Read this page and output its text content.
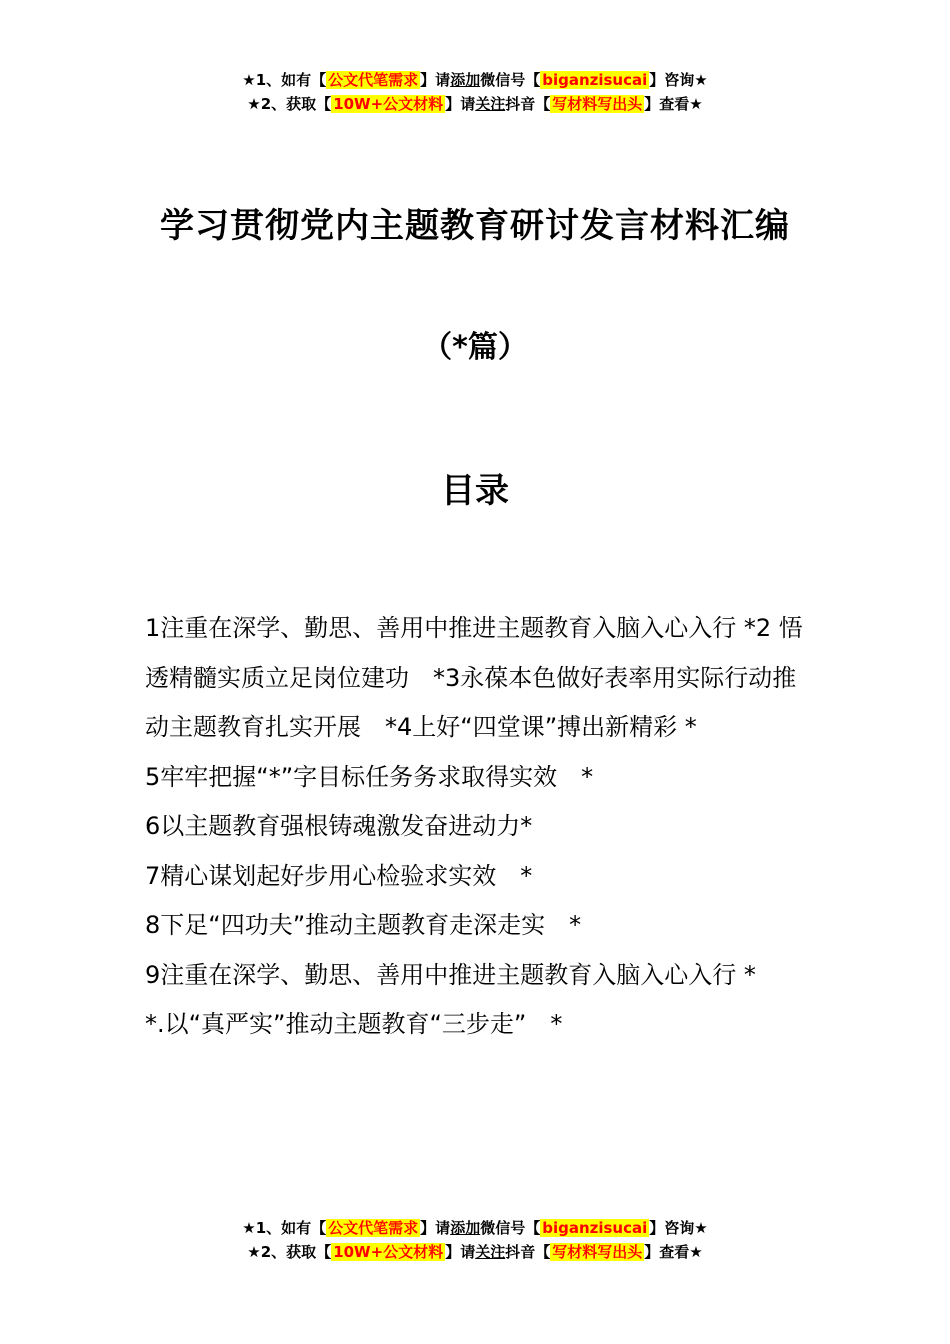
★1、如有【 公文代笔需求 】请添加微信号【 biganzisucai 】咨询★
★2、获取【 10W+公文材料 】请关注抖音【 写材料写出头 】查看★
学习贯彻党内主题教育研讨发言材料汇编
（*篇）
目录
1注重在深学、勤思、善用中推进主题教育入脑入心入行 *2 悟透精髓实质立足岗位建功　*3永葆本色做好表率用实际行动推动主题教育扎实开展　*4上好“四堂课”搏出新精彩 *
5牢牢把握“*”字目标任务务求取得实效　*
6以主题教育强根铸魂激发奋进动力*
7精心谋划起好步用心检验求实效　*
8下足“四功夫”推动主题教育走深走实　*
9注重在深学、勤思、善用中推进主题教育入脑入心入行 *
*.以“真严实”推动主题教育“三步走”　*
★1、如有【 公文代笔需求 】请添加微信号【 biganzisucai 】咨询★
★2、获取【 10W+公文材料 】请关注抖音【 写材料写出头 】查看★
